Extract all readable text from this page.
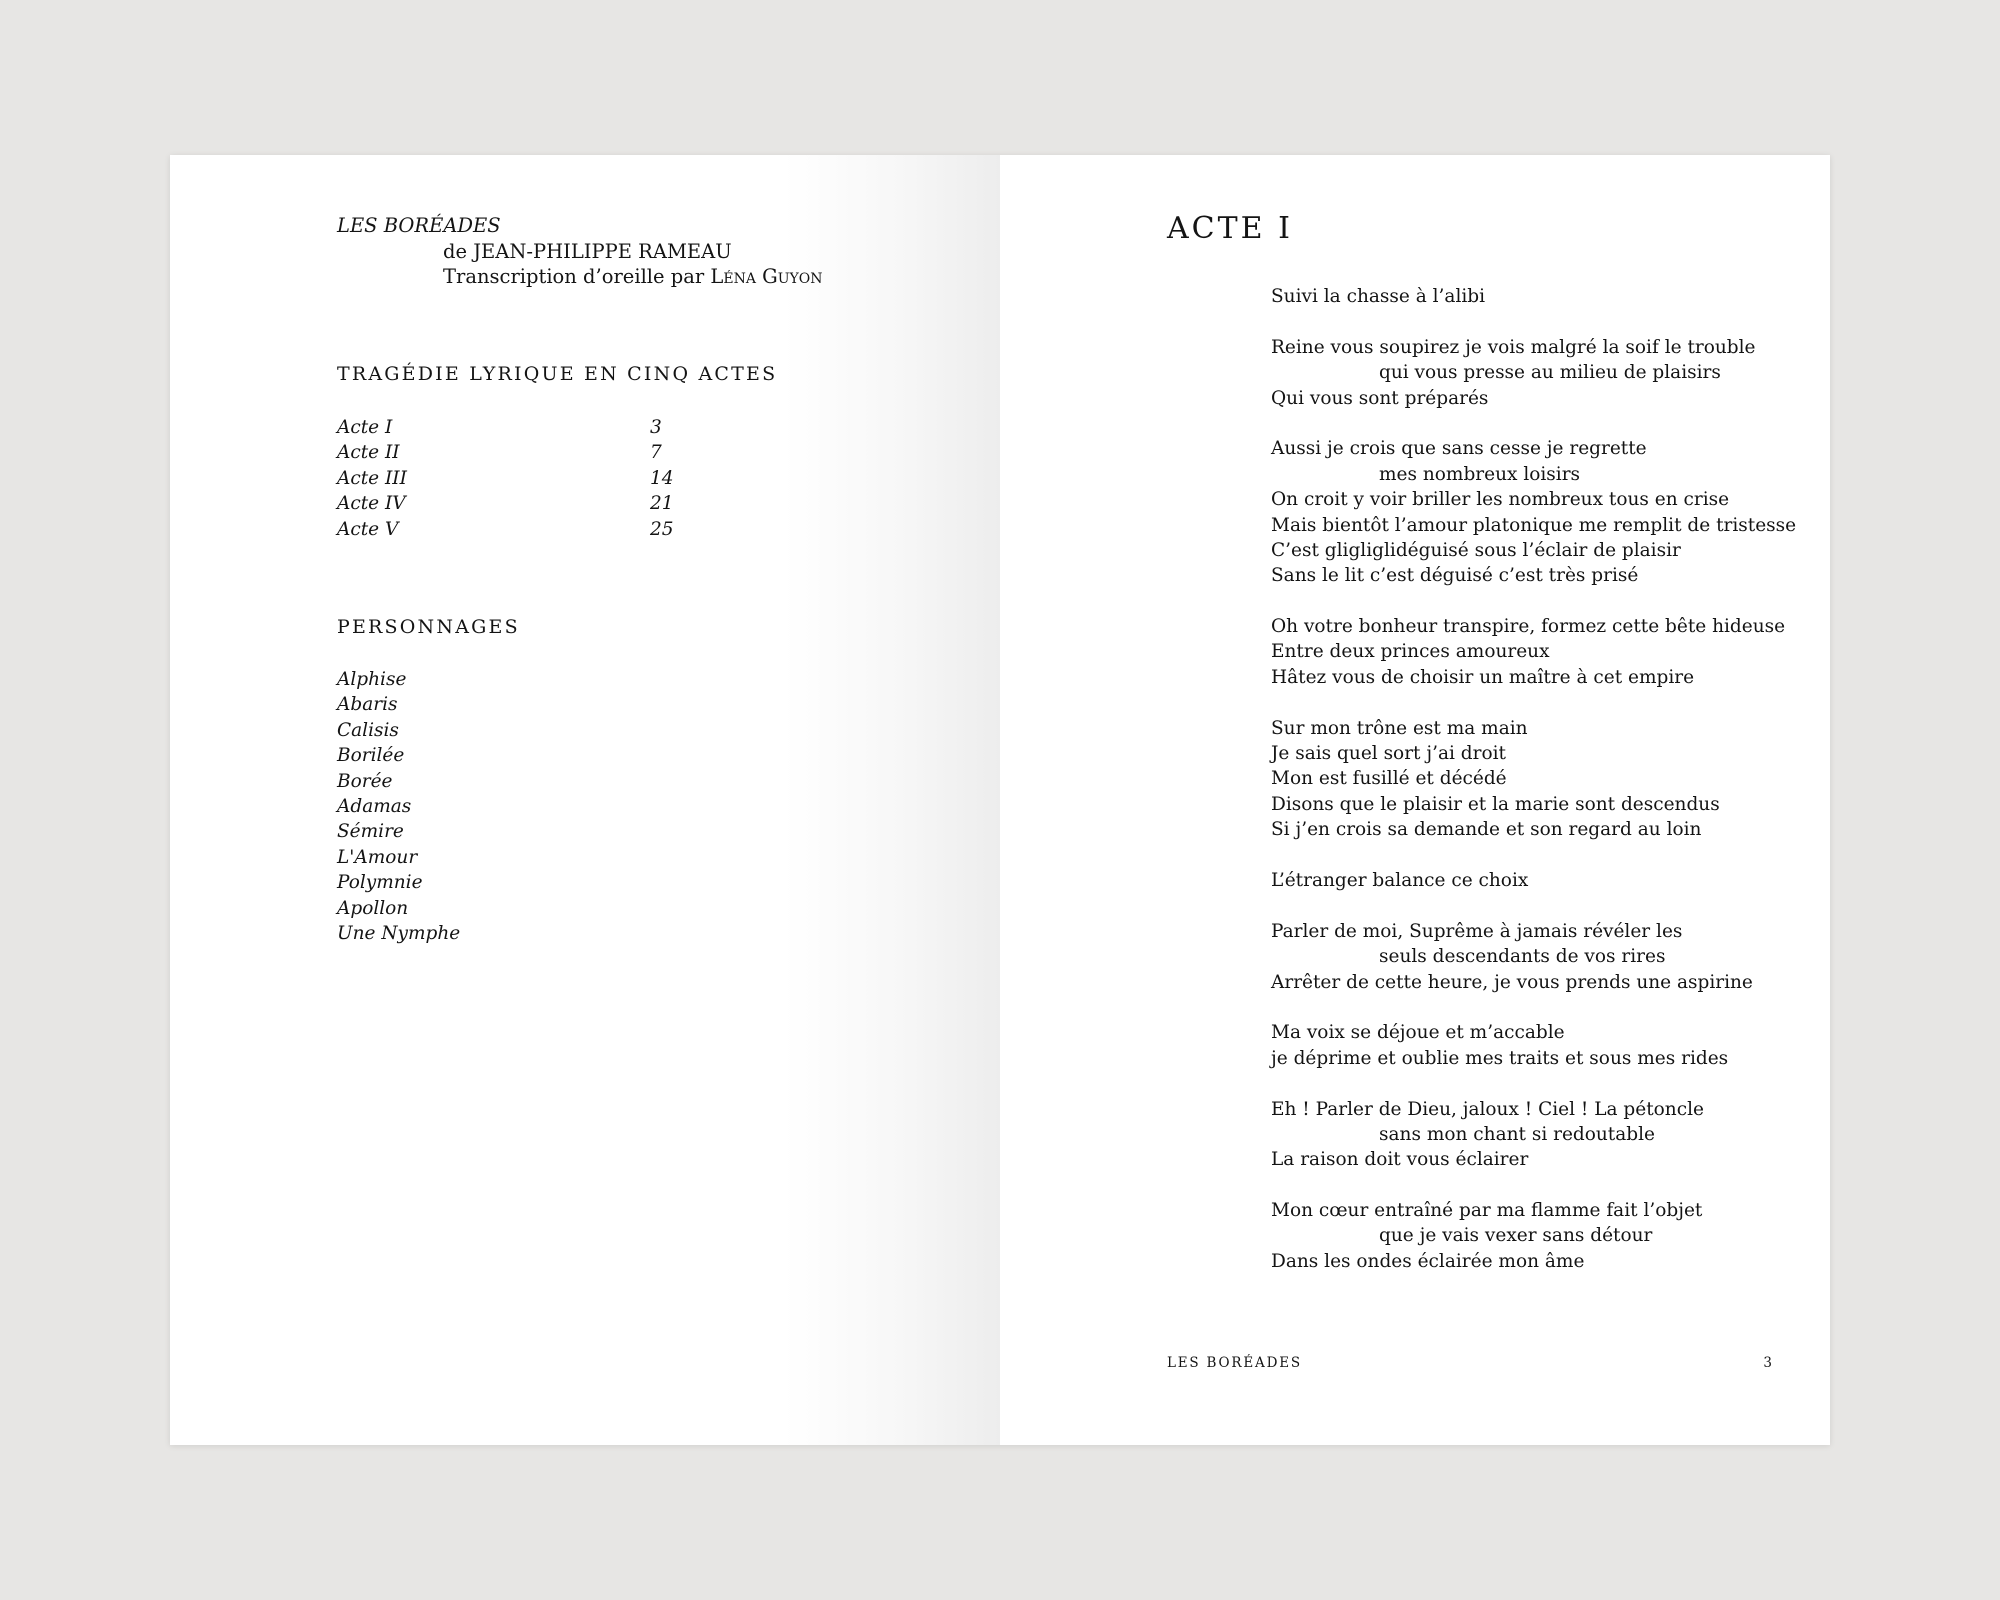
LES BORÉADES
de JEAN-PHILIPPE RAMEAU
Transcription d’oreille par Léna Guyon
TRAGÉDIE LYRIQUE EN CINQ ACTES
Acte I	3
Acte II	7
Acte III	14
Acte IV	21
Acte V	25
PERSONNAGES
Alphise
Abaris
Calisis
Borilée
Borée
Adamas
Sémire
L'Amour
Polymnie
Apollon
Une Nymphe
ACTE I
Suivi la chasse à l’alibi
Reine vous soupirez je vois malgré la soif le trouble
qui vous presse au milieu de plaisirs
Qui vous sont préparés
Aussi je crois que sans cesse je regrette
mes nombreux loisirs
On croit y voir briller les nombreux tous en crise
Mais bientôt l’amour platonique me remplit de tristesse
C’est gligliglidéguisé sous l’éclair de plaisir
Sans le lit c’est déguisé c’est très prisé
Oh votre bonheur transpire, formez cette bête hideuse
Entre deux princes amoureux
Hâtez vous de choisir un maître à cet empire
Sur mon trône est ma main
Je sais quel sort j’ai droit
Mon est fusillé et décédé
Disons que le plaisir et la marie sont descendus
Si j’en crois sa demande et son regard au loin
L’étranger balance ce choix
Parler de moi, Suprême à jamais révéler les
seuls descendants de vos rires
Arrêter de cette heure, je vous prends une aspirine
Ma voix se déjoue et m’accable
je déprime et oublie mes traits et sous mes rides
Eh ! Parler de Dieu, jaloux ! Ciel ! La pétoncle
sans mon chant si redoutable
La raison doit vous éclairer
Mon cœur entraîné par ma flamme fait l’objet
que je vais vexer sans détour
Dans les ondes éclairée mon âme
LES BORÉADES	3
